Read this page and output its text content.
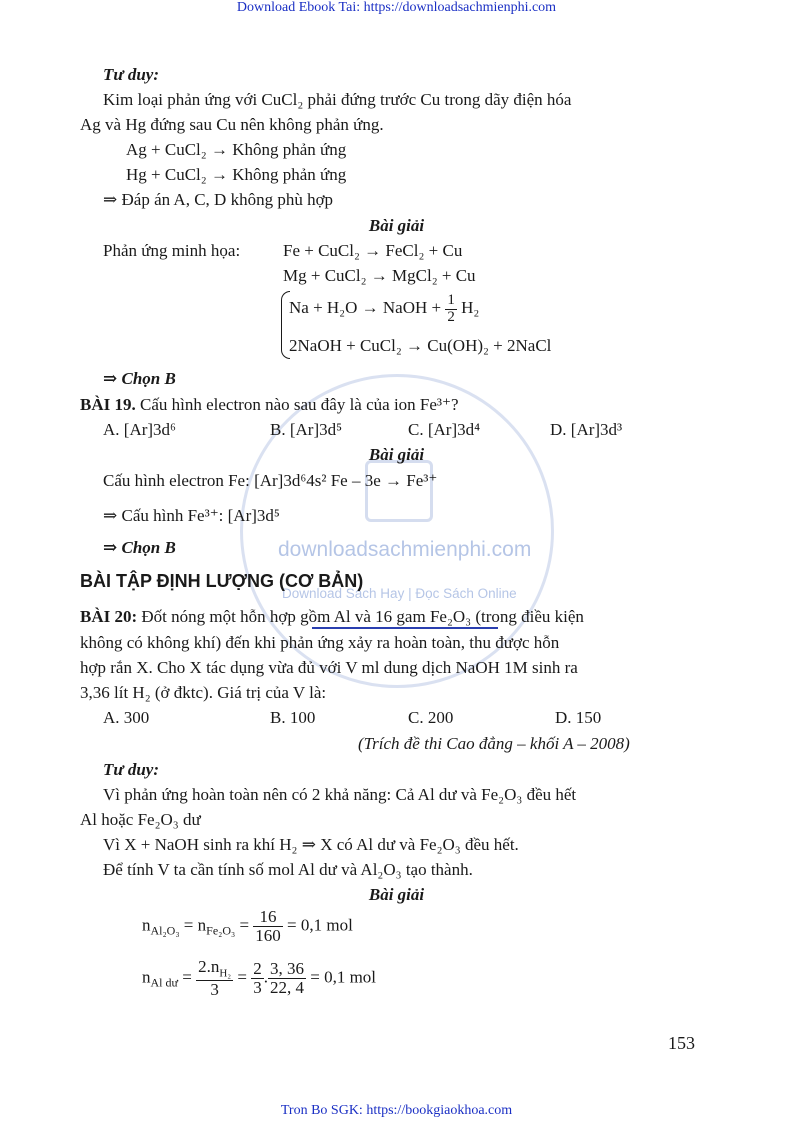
Download Ebook Tai: https://downloadsachmienphi.com
Tron Bo SGK: https://bookgiaokhoa.com
downloadsachmienphi.com
Download Sách Hay | Đọc Sách Online
Tư duy:
Kim loại phản ứng với CuCl₂ phải đứng trước Cu trong dãy điện hóa
Ag và Hg đứng sau Cu nên không phản ứng.
Ag + CuCl₂ → Không phản ứng
Hg + CuCl₂ → Không phản ứng
⇒ Đáp án A, C, D không phù hợp
Bài giải
Phản ứng minh họa:	Fe + CuCl₂ → FeCl₂ + Cu
Mg + CuCl₂ → MgCl₂ + Cu
Na + H₂O → NaOH + $\frac{1}{2} H_2$
2NaOH + CuCl₂ → Cu(OH)₂ + 2NaCl
⇒ Chọn B
BÀI 19. Cấu hình electron nào sau đây là của ion Fe³⁺?
A. [Ar]3d⁶	B. [Ar]3d⁵	C. [Ar]3d⁴	D. [Ar]3d³
Bài giải
Cấu hình electron Fe: [Ar]3d⁶4s² Fe – 3e → Fe³⁺
⇒ Cấu hình Fe³⁺: [Ar]3d⁵
⇒ Chọn B
BÀI TẬP ĐỊNH LƯỢNG (CƠ BẢN)
BÀI 20: Đốt nóng một hỗn hợp gồm Al và 16 gam Fe₂O₃ (trong điều kiện
không có không khí) đến khi phản ứng xảy ra hoàn toàn, thu được hỗn
hợp rắn X. Cho X tác dụng vừa đủ với V ml dung dịch NaOH 1M sinh ra
3,36 lít H₂ (ở đktc). Giá trị của V là:
A. 300	B. 100	C. 200	D. 150
(Trích đề thi Cao đẳng – khối A – 2008)
Tư duy:
Vì phản ứng hoàn toàn nên có 2 khả năng: Cả Al dư và Fe₂O₃ đều hết
Al hoặc Fe₂O₃ dư
Vì X + NaOH sinh ra khí H₂ ⇒ X có Al dư và Fe₂O₃ đều hết.
Để tính V ta cần tính số mol Al dư và Al₂O₃ tạo thành.
Bài giải
$n_{Al_2O_3} = n_{Fe_2O_3} = \frac{16}{160} = 0,1$ mol
$n_{Al dư} = \frac{2.n_{H_2}}{3} = \frac{2}{3}$ . $\frac{3, 36}{22, 4} = 0,1$ mol
153
